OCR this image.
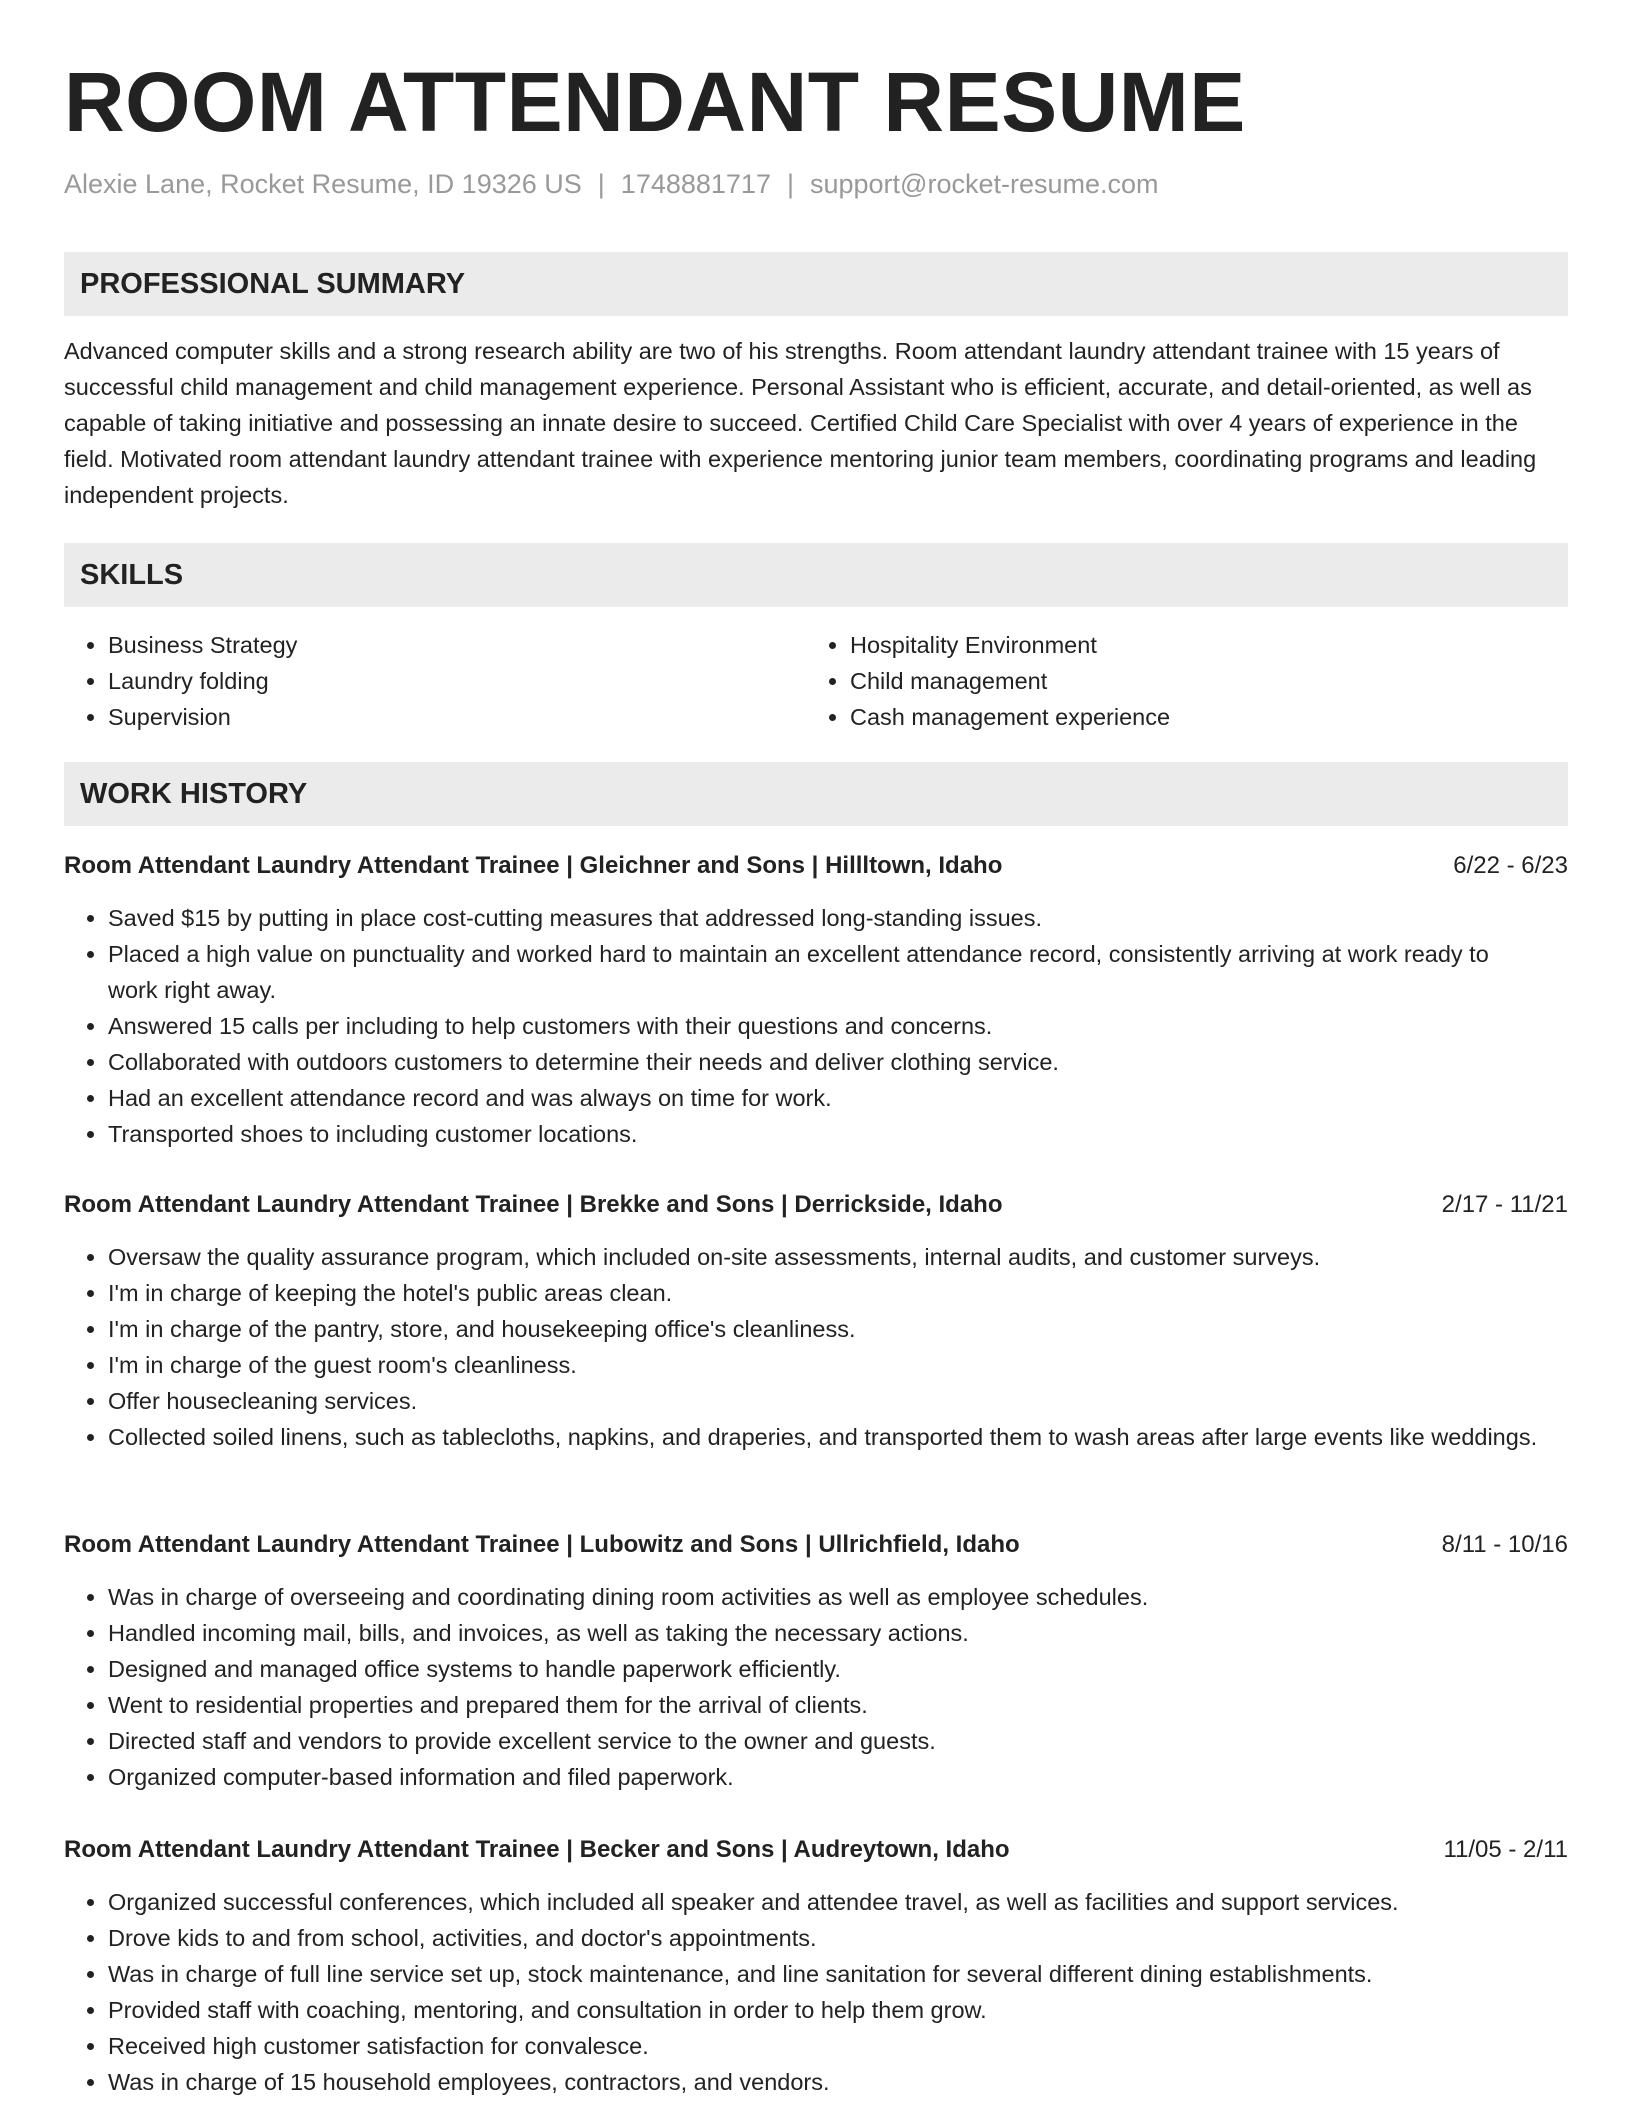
ROOM ATTENDANT RESUME
Alexie Lane, Rocket Resume, ID 19326 US | 1748881717 | support@rocket-resume.com
PROFESSIONAL SUMMARY

Advanced computer skills and a strong research ability are two of his strengths. Room attendant laundry attendant trainee with 15 years of successful child management and child management experience. Personal Assistant who is efficient, accurate, and detail-oriented, as well as capable of taking initiative and possessing an innate desire to succeed. Certified Child Care Specialist with over 4 years of experience in the field. Motivated room attendant laundry attendant trainee with experience mentoring junior team members, coordinating programs and leading independent projects.

SKILLS
• Business Strategy
• Laundry folding
• Supervision
• Hospitality Environment
• Child management
• Cash management experience
WORK HISTORY
Room Attendant Laundry Attendant Trainee | Gleichner and Sons | Hillltown, Idaho	6/22 - 6/23
• Saved $15 by putting in place cost-cutting measures that addressed long-standing issues.
• Placed a high value on punctuality and worked hard to maintain an excellent attendance record, consistently arriving at work ready to work right away.
• Answered 15 calls per including to help customers with their questions and concerns.
• Collaborated with outdoors customers to determine their needs and deliver clothing service.
• Had an excellent attendance record and was always on time for work.
• Transported shoes to including customer locations.
Room Attendant Laundry Attendant Trainee | Brekke and Sons | Derrickside, Idaho	2/17 - 11/21
• Oversaw the quality assurance program, which included on-site assessments, internal audits, and customer surveys.
• I'm in charge of keeping the hotel's public areas clean.
• I'm in charge of the pantry, store, and housekeeping office's cleanliness.
• I'm in charge of the guest room's cleanliness.
• Offer housecleaning services.
• Collected soiled linens, such as tablecloths, napkins, and draperies, and transported them to wash areas after large events like weddings.
Room Attendant Laundry Attendant Trainee | Lubowitz and Sons | Ullrichfield, Idaho	8/11 - 10/16
• Was in charge of overseeing and coordinating dining room activities as well as employee schedules.
• Handled incoming mail, bills, and invoices, as well as taking the necessary actions.
• Designed and managed office systems to handle paperwork efficiently.
• Went to residential properties and prepared them for the arrival of clients.
• Directed staff and vendors to provide excellent service to the owner and guests.
• Organized computer-based information and filed paperwork.
Room Attendant Laundry Attendant Trainee | Becker and Sons | Audreytown, Idaho	11/05 - 2/11
• Organized successful conferences, which included all speaker and attendee travel, as well as facilities and support services.
• Drove kids to and from school, activities, and doctor's appointments.
• Was in charge of full line service set up, stock maintenance, and line sanitation for several different dining establishments.
• Provided staff with coaching, mentoring, and consultation in order to help them grow.
• Received high customer satisfaction for convalesce.
• Was in charge of 15 household employees, contractors, and vendors.
